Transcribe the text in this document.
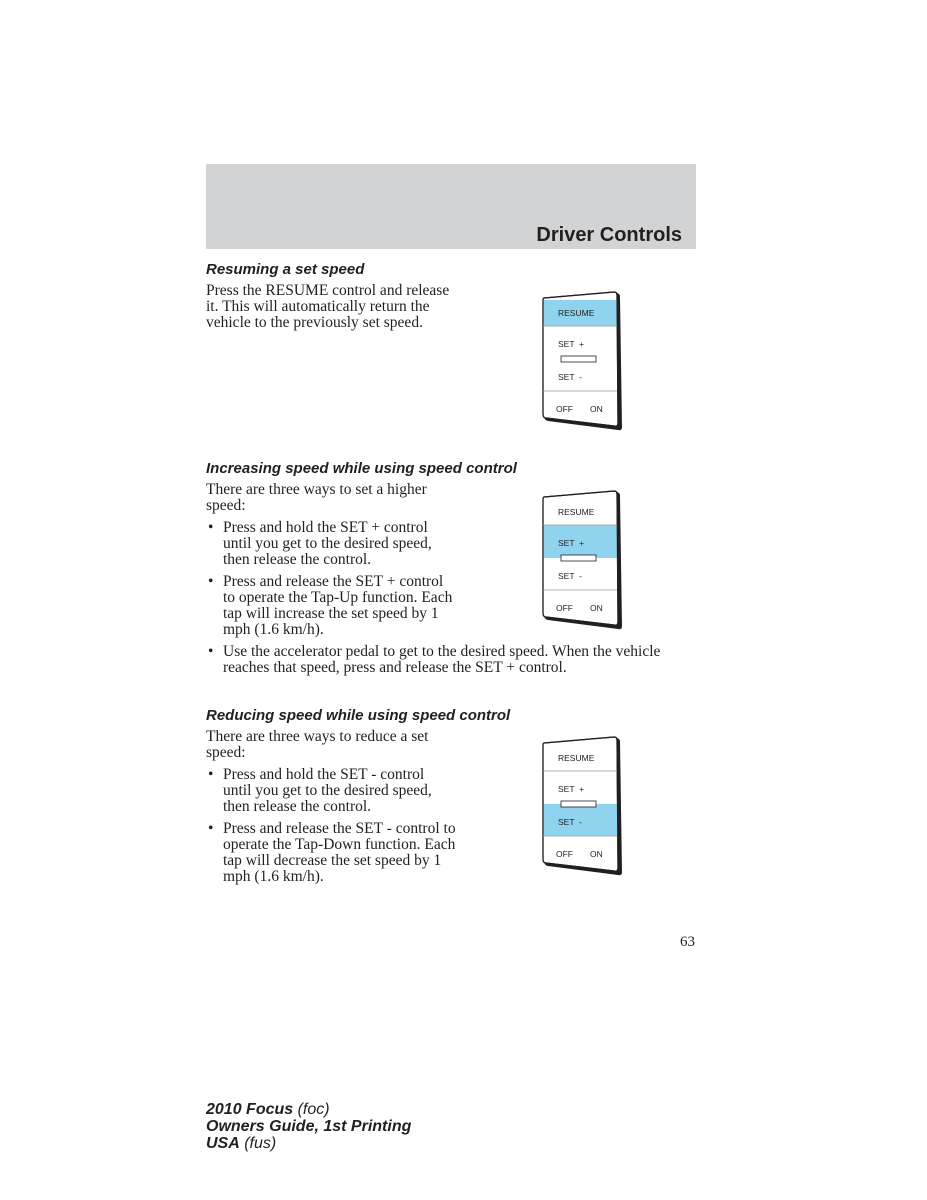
Driver Controls
Resuming a set speed

Press the RESUME control and release it. This will automatically return the vehicle to the previously set speed.

RESUME
SET  +
SET  -
OFF ON
Increasing speed while using speed control

There are three ways to set a higher speed:

• Press and hold the SET + control until you get to the desired speed, then release the control.
• Press and release the SET + control to operate the Tap-Up function. Each tap will increase the set speed by 1 mph (1.6 km/h).
• Use the accelerator pedal to get to the desired speed. When the vehicle reaches that speed, press and release the SET + control.
RESUME
SET  +
SET  -
OFF ON
Reducing speed while using speed control

There are three ways to reduce a set speed:

• Press and hold the SET - control until you get to the desired speed, then release the control.
• Press and release the SET - control to operate the Tap-Down function. Each tap will decrease the set speed by 1 mph (1.6 km/h).
RESUME
SET  +
SET  -
OFF ON
63
2010 Focus (foc)
Owners Guide, 1st Printing
USA (fus)
